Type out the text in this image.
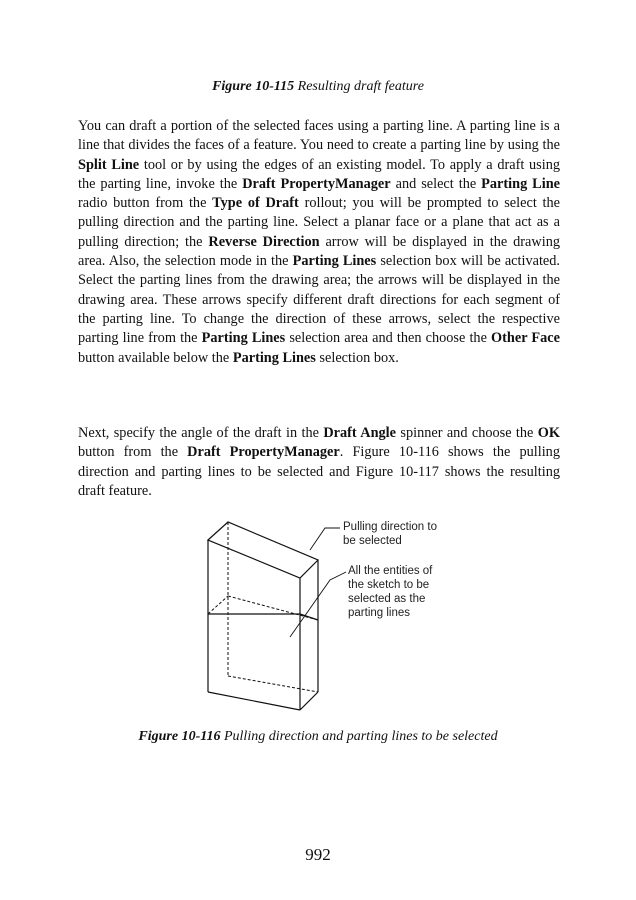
Figure 10-115 Resulting draft feature
You can draft a portion of the selected faces using a parting line. A parting line is a line that divides the faces of a feature. You need to create a parting line by using the Split Line tool or by using the edges of an existing model. To apply a draft using the parting line, invoke the Draft PropertyManager and select the Parting Line radio button from the Type of Draft rollout; you will be prompted to select the pulling direction and the parting line. Select a planar face or a plane that act as a pulling direction; the Reverse Direction arrow will be displayed in the drawing area. Also, the selection mode in the Parting Lines selection box will be activated. Select the parting lines from the drawing area; the arrows will be displayed in the drawing area. These arrows specify different draft directions for each segment of the parting line. To change the direction of these arrows, select the respective parting line from the Parting Lines selection area and then choose the Other Face button available below the Parting Lines selection box.
Next, specify the angle of the draft in the Draft Angle spinner and choose the OK button from the Draft PropertyManager. Figure 10-116 shows the pulling direction and parting lines to be selected and Figure 10-117 shows the resulting draft feature.
Pulling direction to
be selected
All the entities of
the sketch to be
selected as the
parting lines
Figure 10-116 Pulling direction and parting lines to be selected
992
